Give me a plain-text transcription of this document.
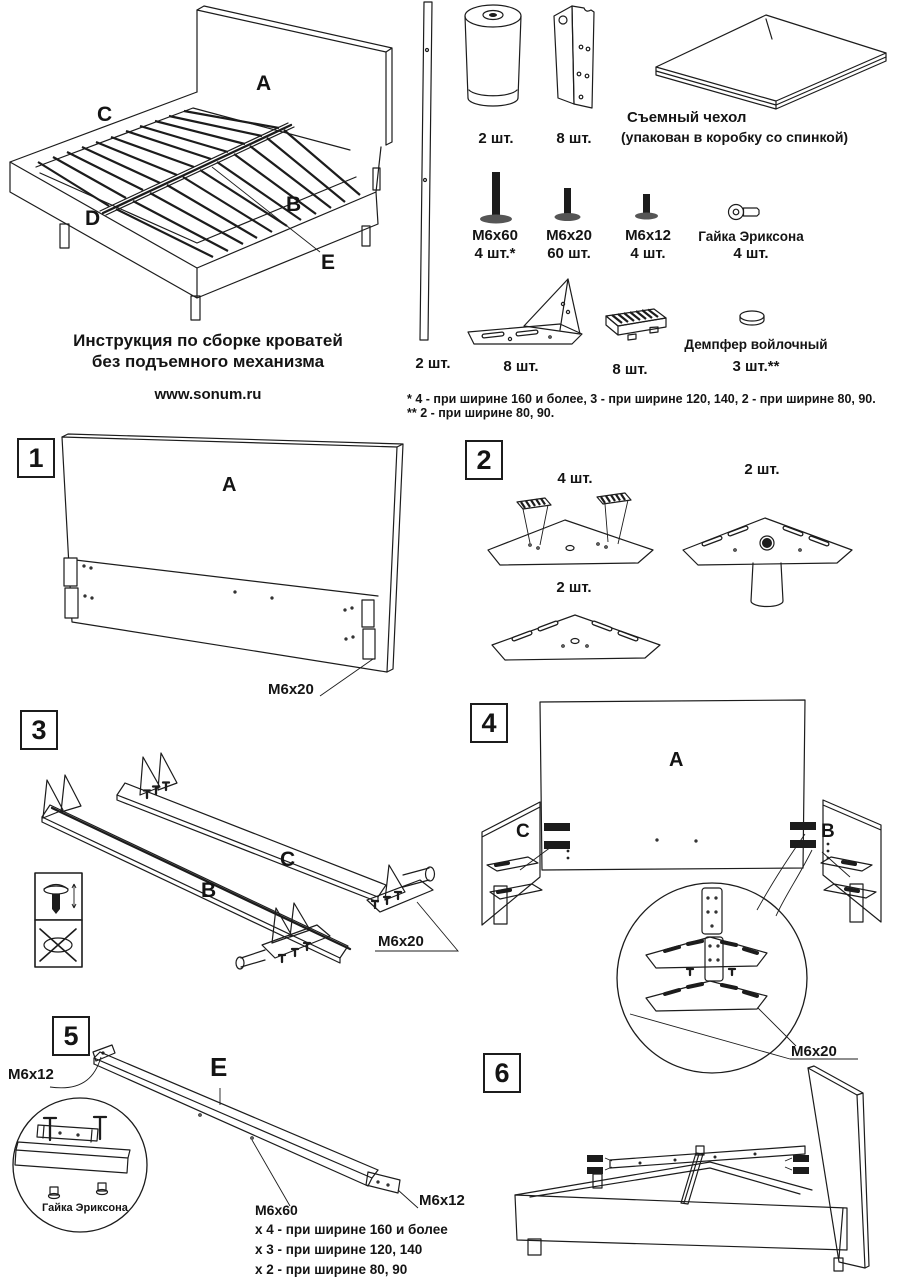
A
C
D
B
E
Инструкция по сборке кроватей
без подъемного механизма
www.sonum.ru
2 шт.
2 шт.	8 шт.
Съемный чехол
(упакован в коробку со спинкой)
M6x60
4 шт.*
M6x20
60 шт.
M6x12
4 шт.
Гайка Эриксона
4 шт.
8 шт.	8 шт.
Демпфер войлочный
3 шт.**
* 4 - при ширине 160 и более, 3 - при ширине 120, 140, 2 - при ширине 80, 90.
** 2 - при ширине 80, 90.
1
A
M6x20
2
4 шт.
2 шт.
2 шт.
3
B
C
M6x20
4
A
C	B
M6x20
5
E
M6x12
M6x12
Гайка Эриксона	M6x60
x 4 - при ширине 160 и более
x 3 - при ширине 120, 140
x 2 - при ширине 80, 90
6
